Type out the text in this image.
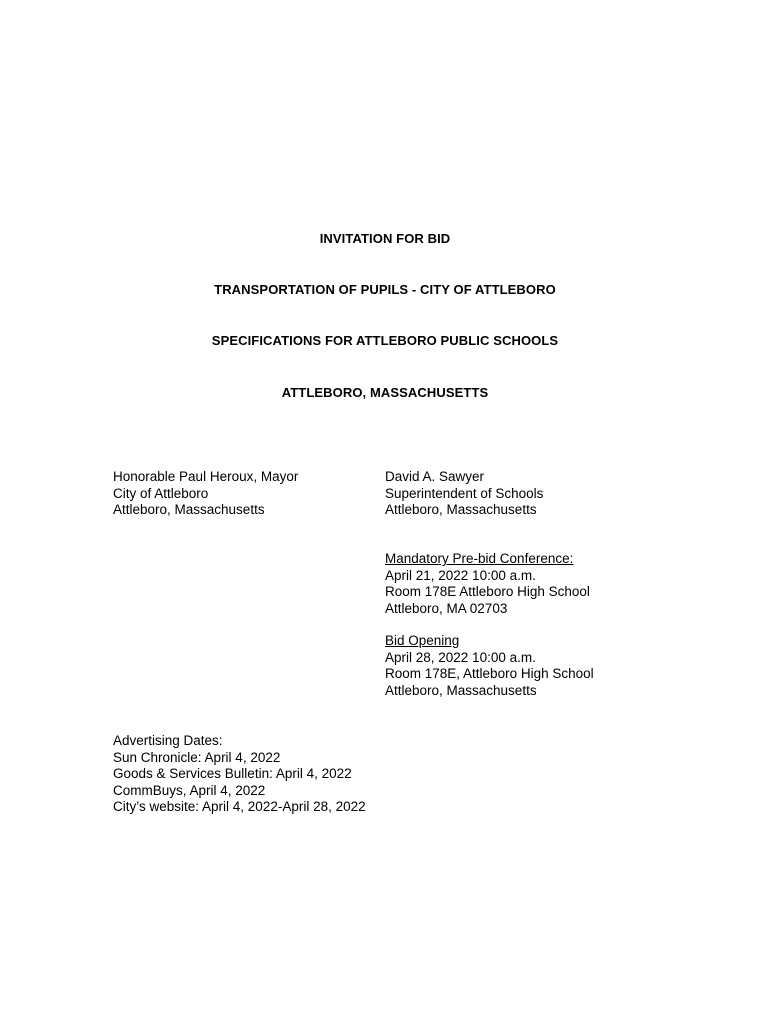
INVITATION FOR BID
TRANSPORTATION OF PUPILS - CITY OF ATTLEBORO
SPECIFICATIONS FOR ATTLEBORO PUBLIC SCHOOLS
ATTLEBORO, MASSACHUSETTS
Honorable Paul Heroux, Mayor
City of Attleboro
Attleboro, Massachusetts
David A. Sawyer
Superintendent of Schools
Attleboro, Massachusetts
Mandatory Pre-bid Conference:
April 21, 2022 10:00 a.m.
Room 178E Attleboro High School
Attleboro, MA 02703
Bid Opening
April 28, 2022 10:00 a.m.
Room 178E, Attleboro High School
Attleboro, Massachusetts
Advertising Dates:
Sun Chronicle: April 4, 2022
Goods & Services Bulletin: April 4, 2022
CommBuys, April 4, 2022
City’s website: April 4, 2022-April 28, 2022
